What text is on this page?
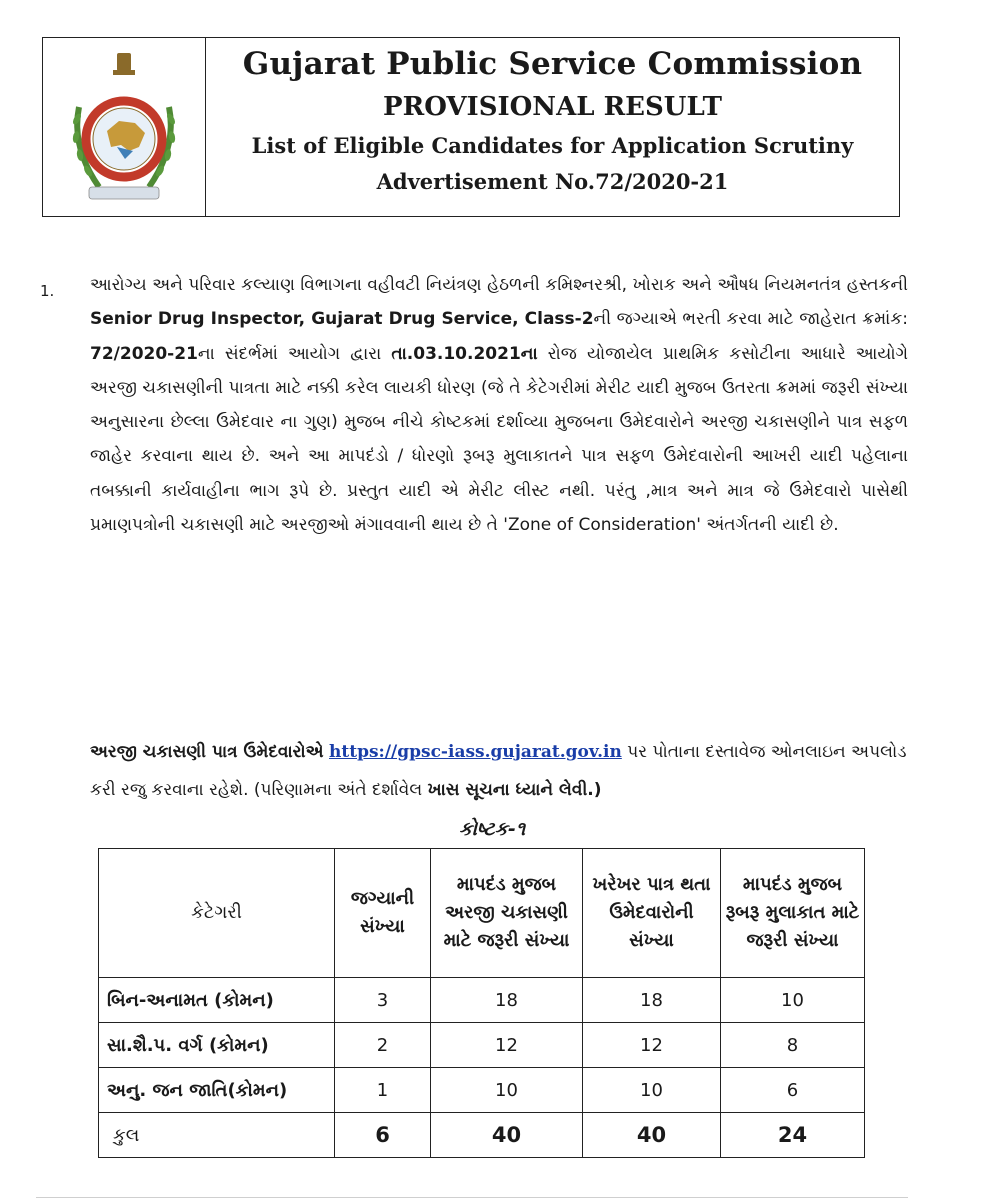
Gujarat Public Service Commission
PROVISIONAL RESULT
List of Eligible Candidates for Application Scrutiny
Advertisement No.72/2020-21
1. આરોગ્ય અને પરિવાર કલ્યાણ વિભાગના વહીવટી નિયંત્રણ હેઠળની કમિશ્નરશ્રી, ખોરાક અને ઔષધ નિયમનતંત્ર હસ્તકની Senior Drug Inspector, Gujarat Drug Service, Class-2ની જગ્યાએ ભરતી કરવા માટે જાહેરાત ક્રમાંક: 72/2020-21ના સંદર્ભમાં આયોગ દ્વારા તા.03.10.2021ના રોજ યોજાયેલ પ્રાથમિક કસોટીના આધારે આયોગે અરજી ચકાસણીની પાત્રતા માટે નક્કી કરેલ લાયકી ધોરણ (જે તે કેટેગરીમાં મેરીટ યાદી મુજબ ઉતરતા ક્રમમાં જરૂરી સંખ્યા અનુસારના છેલ્લા ઉમેદવાર ના ગુણ) મુજબ નીચે કોષ્ટકમાં દર્શાવ્યા મુજબના ઉમેદવારોને અરજી ચકાસણીને પાત્ર સફળ જાહેર કરવાના થાય છે. અને આ માપદંડો / ધોરણો રૂબરૂ મુલાકાતને પાત્ર સફળ ઉમેદવારોની આખરી યાદી પહેલાના તબક્કાની કાર્યવાહીના ભાગ રૂપે છે. પ્રસ્તુત યાદી એ મેરીટ લીસ્ટ નથી. પરંતુ ,માત્ર અને માત્ર જે ઉમેદવારો પાસેથી પ્રમાણપત્રોની ચકાસણી માટે અરજીઓ મંગાવવાની થાય છે તે 'Zone of Consideration' અંતર્ગતની યાદી છે.
અરજી ચકાસણી પાત્ર ઉમેદવારોએ https://gpsc-iass.gujarat.gov.in પર પોતાના દસ્તાવેજ ઓનલાઇન અપલોડ કરી રજુ કરવાના રહેશે. (પરિણામના અંતે દર્શાવેલ ખાસ સૂચના ધ્યાને લેવી.)
કોષ્ટક-૧
કેટેગરી	જગ્યાની સંખ્યા	માપદંડ મુજબ અરજી ચકાસણી માટે જરૂરી સંખ્યા	ખરેખર પાત્ર થતા ઉમેદવારોની સંખ્યા	માપદંડ મુજબ રૂબરૂ મુલાકાત માટે જરૂરી સંખ્યા
બિન-અનામત (કોમન)	3	18	18	10
સા.શૈ.પ. વર્ગ (કોમન)	2	12	12	8
અનુ. જન જાતિ(કોમન)	1	10	10	6
કુલ	6	40	40	24
